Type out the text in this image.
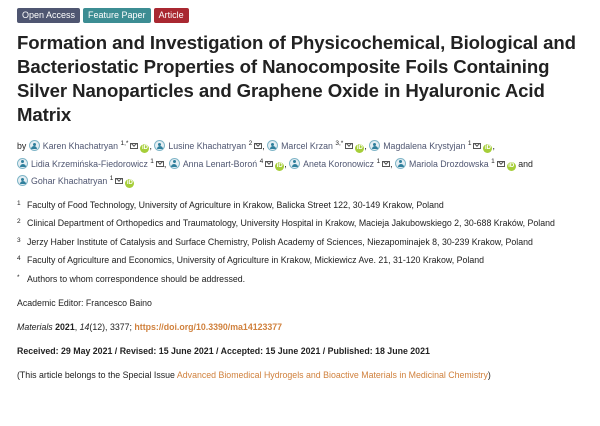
Open Access	Feature Paper	Article
Formation and Investigation of Physicochemical, Biological and Bacteriostatic Properties of Nanocomposite Foils Containing Silver Nanoparticles and Graphene Oxide in Hyaluronic Acid Matrix
by Karen Khachatryan $^{1,*}$iD , Lusine Khachatryan $^2$ , Marcel Krzan $^{3,*}$iD , Magdalena Krystyjan $^1$iD , Lidia Krzemińska-Fiedorowicz $^1$ , Anna Lenart-Boroń $^4$iD , Aneta Koronowicz $^1$ , Mariola Drozdowska $^1$iD and Gohar Khachatryan $^1$iD
1 Faculty of Food Technology, University of Agriculture in Krakow, Balicka Street 122, 30-149 Krakow, Poland
2 Clinical Department of Orthopedics and Traumatology, University Hospital in Krakow, Macieja Jakubowskiego 2, 30-688 Kraków, Poland
3 Jerzy Haber Institute of Catalysis and Surface Chemistry, Polish Academy of Sciences, Niezapominajek 8, 30-239 Krakow, Poland
4 Faculty of Agriculture and Economics, University of Agriculture in Krakow, Mickiewicz Ave. 21, 31-120 Krakow, Poland
* Authors to whom correspondence should be addressed.
Academic Editor: Francesco Baino
Materials 2021, 14(12), 3377; https://doi.org/10.3390/ma14123377
Received: 29 May 2021 / Revised: 15 June 2021 / Accepted: 15 June 2021 / Published: 18 June 2021
(This article belongs to the Special Issue Advanced Biomedical Hydrogels and Bioactive Materials in Medicinal Chemistry)
